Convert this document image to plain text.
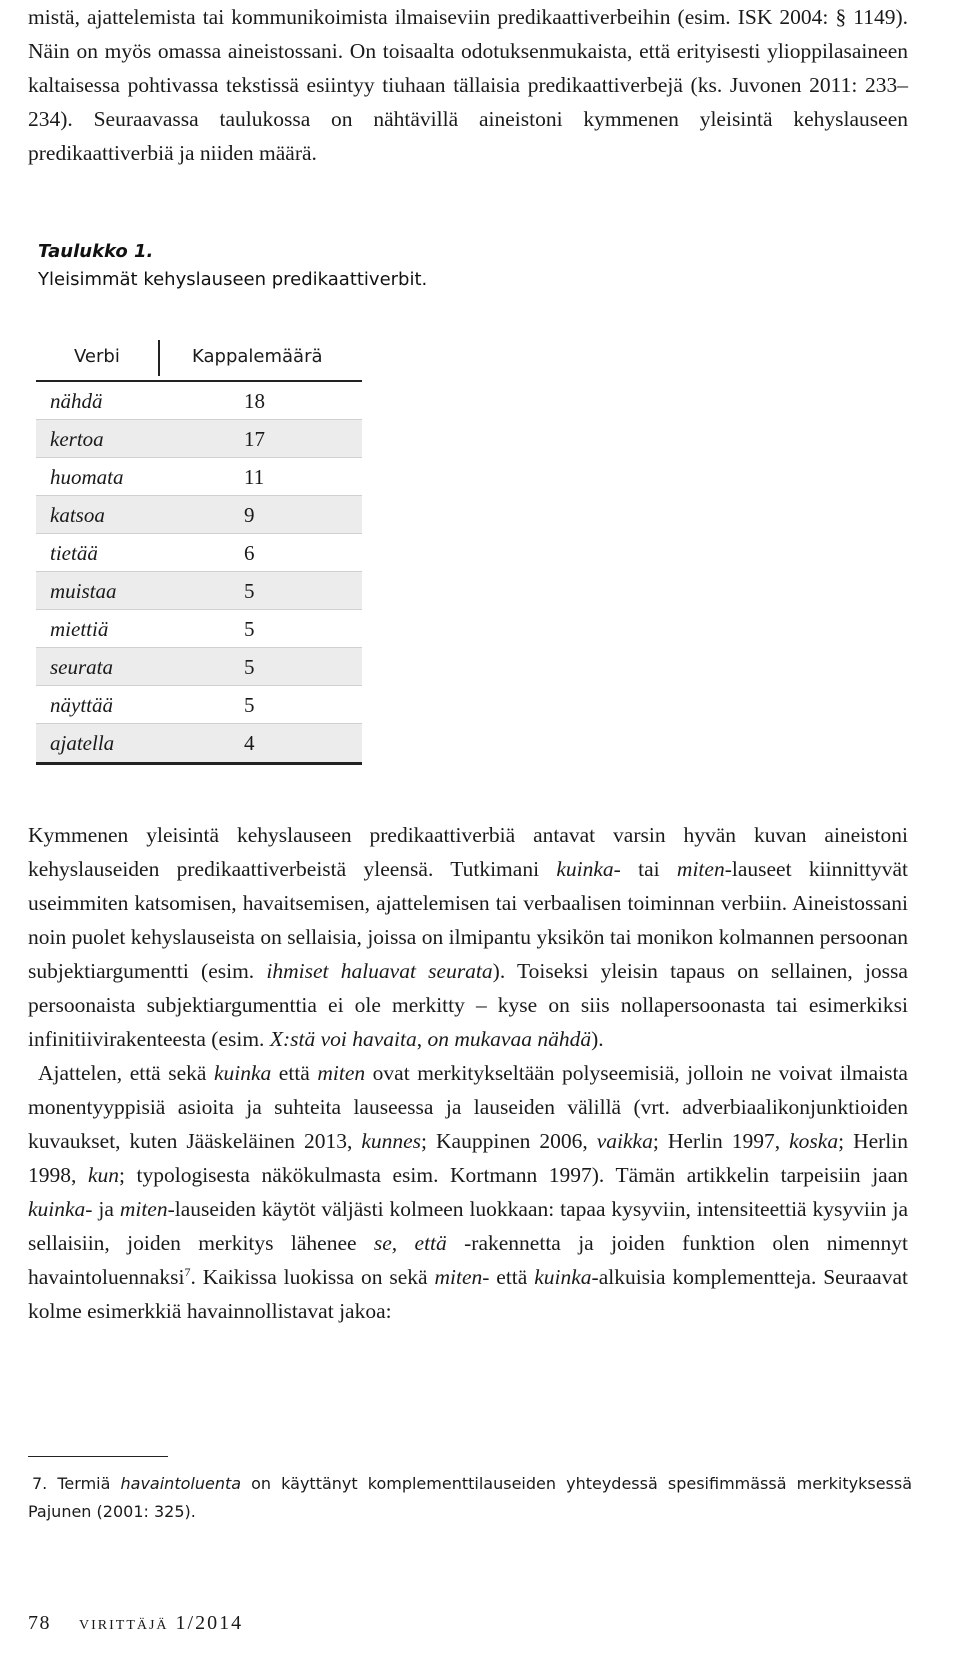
mistä, ajattelemista tai kommunikoimista ilmaiseviin predikaattiverbeihin (esim. ISK 2004: § 1149). Näin on myös omassa aineistossani. On toisaalta odotuksenmukaista, että erityisesti ylioppilasaineen kaltaisessa pohtivassa tekstissä esiintyy tiuhaan tällaisia predikaattiverbejä (ks. Juvonen 2011: 233–234). Seuraavassa taulukossa on nähtävillä aineistoni kymmenen yleisintä kehyslauseen predikaattiverbiä ja niiden määrä.

Taulukko 1.
Yleisimmät kehyslauseen predikaattiverbit.
Verbi	Kappalemäärä
nähdä	18
kertoa	17
huomata	11
katsoa	9
tietää	6
muistaa	5
miettiä	5
seurata	5
näyttää	5
ajatella	4

Kymmenen yleisintä kehyslauseen predikaattiverbiä antavat varsin hyvän kuvan aineistoni kehyslauseiden predikaattiverbeistä yleensä. Tutkimani kuinka- tai miten-lauseet kiinnittyvät useimmiten katsomisen, havaitsemisen, ajattelemisen tai verbaalisen toiminnan verbiin. Aineistossani noin puolet kehyslauseista on sellaisia, joissa on ilmipantu yksikön tai monikon kolmannen persoonan subjektiargumentti (esim. ihmiset haluavat seurata). Toiseksi yleisin tapaus on sellainen, jossa persoonaista subjektiargumenttia ei ole merkitty – kyse on siis nollapersoonasta tai esimerkiksi infinitiivirakenteesta (esim. X:stä voi havaita, on mukavaa nähdä).

Ajattelen, että sekä kuinka että miten ovat merkitykseltään polyseemisiä, jolloin ne voivat ilmaista monentyyppisiä asioita ja suhteita lauseessa ja lauseiden välillä (vrt. adverbiaalikonjunktioiden kuvaukset, kuten Jääskeläinen 2013, kunnes; Kauppinen 2006, vaikka; Herlin 1997, koska; Herlin 1998, kun; typologisesta näkökulmasta esim. Kortmann 1997). Tämän artikkelin tarpeisiin jaan kuinka- ja miten-lauseiden käytöt väljästi kolmeen luokkaan: tapaa kysyviin, intensiteettiä kysyviin ja sellaisiin, joiden merkitys lähenee se, että -rakennetta ja joiden funktion olen nimennyt havaintoluennaksi$^7$. Kaikissa luokissa on sekä miten- että kuinka-alkuisia komplementteja. Seuraavat kolme esimerkkiä havainnollistavat jakoa:

7. Termiä havaintoluenta on käyttänyt komplementtilauseiden yhteydessä spesifimmässä merkityksessä Pajunen (2001: 325).
78 virittäjä 1/2014
